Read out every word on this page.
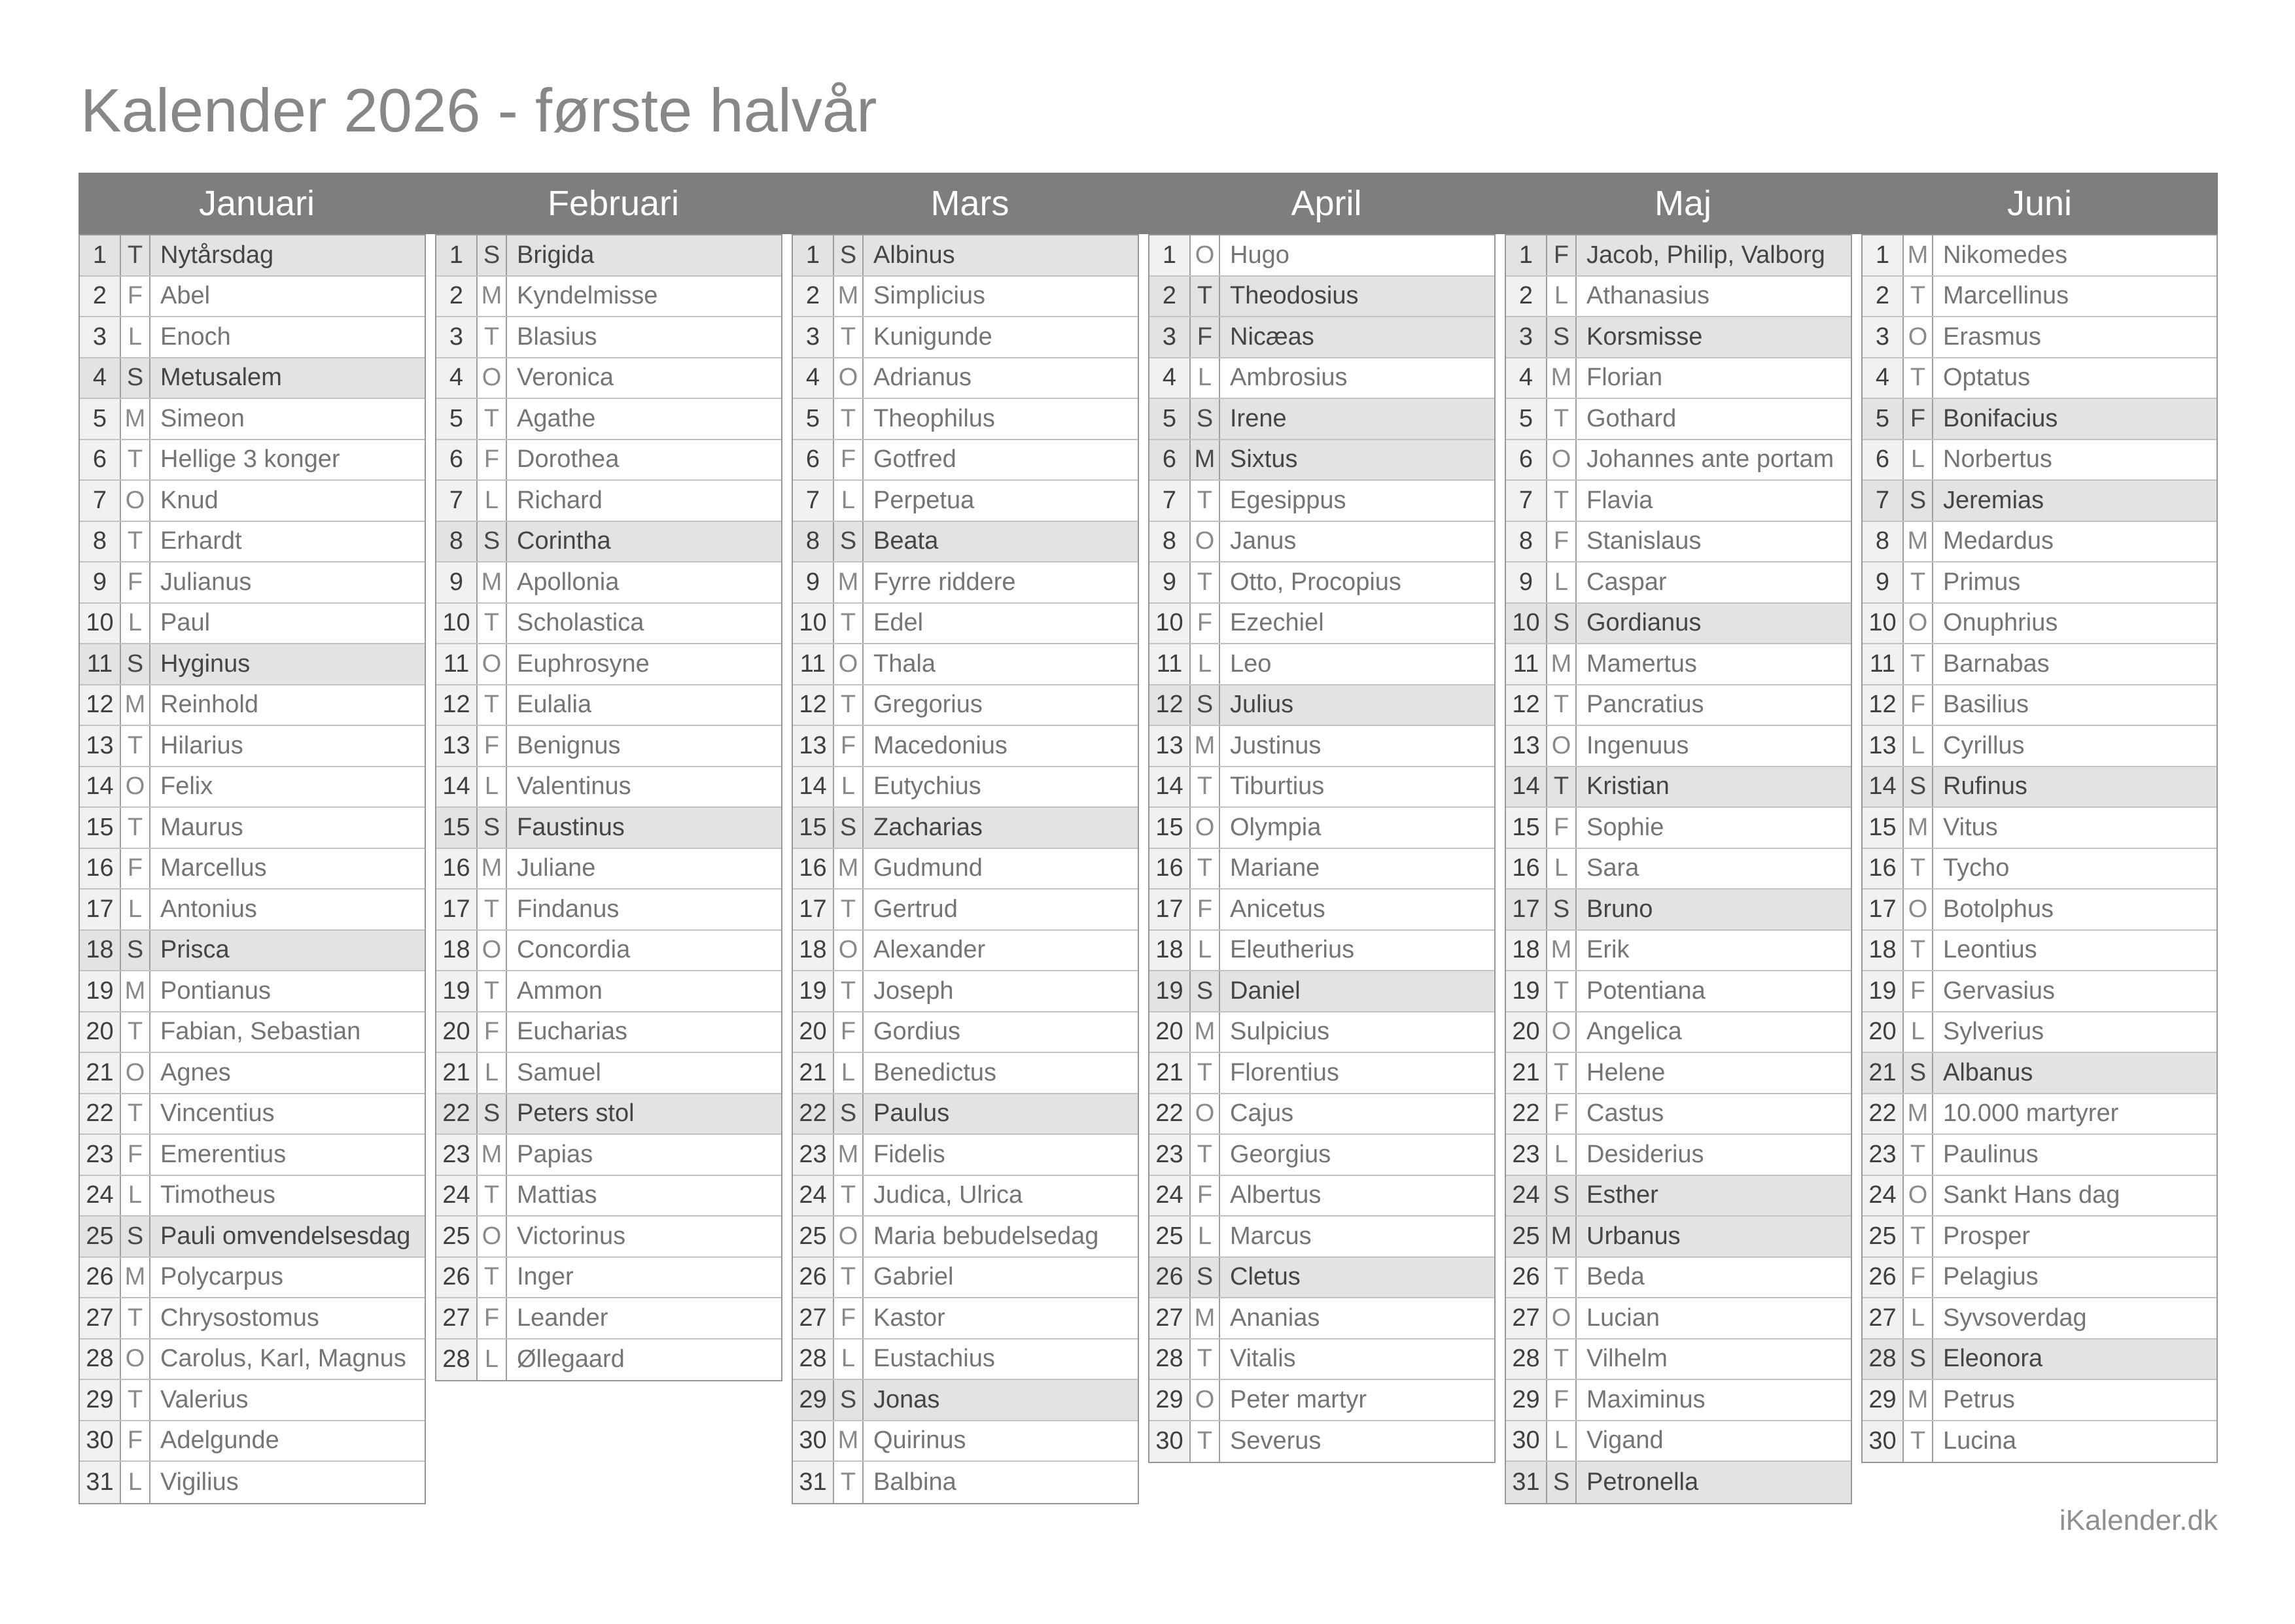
Kalender 2026 - første halvår
Januari	Februari	Mars	April	Maj	Juni
1 T Nytårsdag
2 F Abel
3 L Enoch
4 S Metusalem
5 M Simeon
6 T Hellige 3 konger
7 O Knud
8 T Erhardt
9 F Julianus
10 L Paul
11 S Hyginus
12 M Reinhold
13 T Hilarius
14 O Felix
15 T Maurus
16 F Marcellus
17 L Antonius
18 S Prisca
19 M Pontianus
20 T Fabian, Sebastian
21 O Agnes
22 T Vincentius
23 F Emerentius
24 L Timotheus
25 S Pauli omvendelsesdag
26 M Polycarpus
27 T Chrysostomus
28 O Carolus, Karl, Magnus
29 T Valerius
30 F Adelgunde
31 L Vigilius
1 S Brigida
2 M Kyndelmisse
3 T Blasius
4 O Veronica
5 T Agathe
6 F Dorothea
7 L Richard
8 S Corintha
9 M Apollonia
10 T Scholastica
11 O Euphrosyne
12 T Eulalia
13 F Benignus
14 L Valentinus
15 S Faustinus
16 M Juliane
17 T Findanus
18 O Concordia
19 T Ammon
20 F Eucharias
21 L Samuel
22 S Peters stol
23 M Papias
24 T Mattias
25 O Victorinus
26 T Inger
27 F Leander
28 L Øllegaard
1 S Albinus
2 M Simplicius
3 T Kunigunde
4 O Adrianus
5 T Theophilus
6 F Gotfred
7 L Perpetua
8 S Beata
9 M Fyrre riddere
10 T Edel
11 O Thala
12 T Gregorius
13 F Macedonius
14 L Eutychius
15 S Zacharias
16 M Gudmund
17 T Gertrud
18 O Alexander
19 T Joseph
20 F Gordius
21 L Benedictus
22 S Paulus
23 M Fidelis
24 T Judica, Ulrica
25 O Maria bebudelsedag
26 T Gabriel
27 F Kastor
28 L Eustachius
29 S Jonas
30 M Quirinus
31 T Balbina
1 O Hugo
2 T Theodosius
3 F Nicæas
4 L Ambrosius
5 S Irene
6 M Sixtus
7 T Egesippus
8 O Janus
9 T Otto, Procopius
10 F Ezechiel
11 L Leo
12 S Julius
13 M Justinus
14 T Tiburtius
15 O Olympia
16 T Mariane
17 F Anicetus
18 L Eleutherius
19 S Daniel
20 M Sulpicius
21 T Florentius
22 O Cajus
23 T Georgius
24 F Albertus
25 L Marcus
26 S Cletus
27 M Ananias
28 T Vitalis
29 O Peter martyr
30 T Severus
1 F Jacob, Philip, Valborg
2 L Athanasius
3 S Korsmisse
4 M Florian
5 T Gothard
6 O Johannes ante portam
7 T Flavia
8 F Stanislaus
9 L Caspar
10 S Gordianus
11 M Mamertus
12 T Pancratius
13 O Ingenuus
14 T Kristian
15 F Sophie
16 L Sara
17 S Bruno
18 M Erik
19 T Potentiana
20 O Angelica
21 T Helene
22 F Castus
23 L Desiderius
24 S Esther
25 M Urbanus
26 T Beda
27 O Lucian
28 T Vilhelm
29 F Maximinus
30 L Vigand
31 S Petronella
1 M Nikomedes
2 T Marcellinus
3 O Erasmus
4 T Optatus
5 F Bonifacius
6 L Norbertus
7 S Jeremias
8 M Medardus
9 T Primus
10 O Onuphrius
11 T Barnabas
12 F Basilius
13 L Cyrillus
14 S Rufinus
15 M Vitus
16 T Tycho
17 O Botolphus
18 T Leontius
19 F Gervasius
20 L Sylverius
21 S Albanus
22 M 10.000 martyrer
23 T Paulinus
24 O Sankt Hans dag
25 T Prosper
26 F Pelagius
27 L Syvsoverdag
28 S Eleonora
29 M Petrus
30 T Lucina
iKalender.dk
